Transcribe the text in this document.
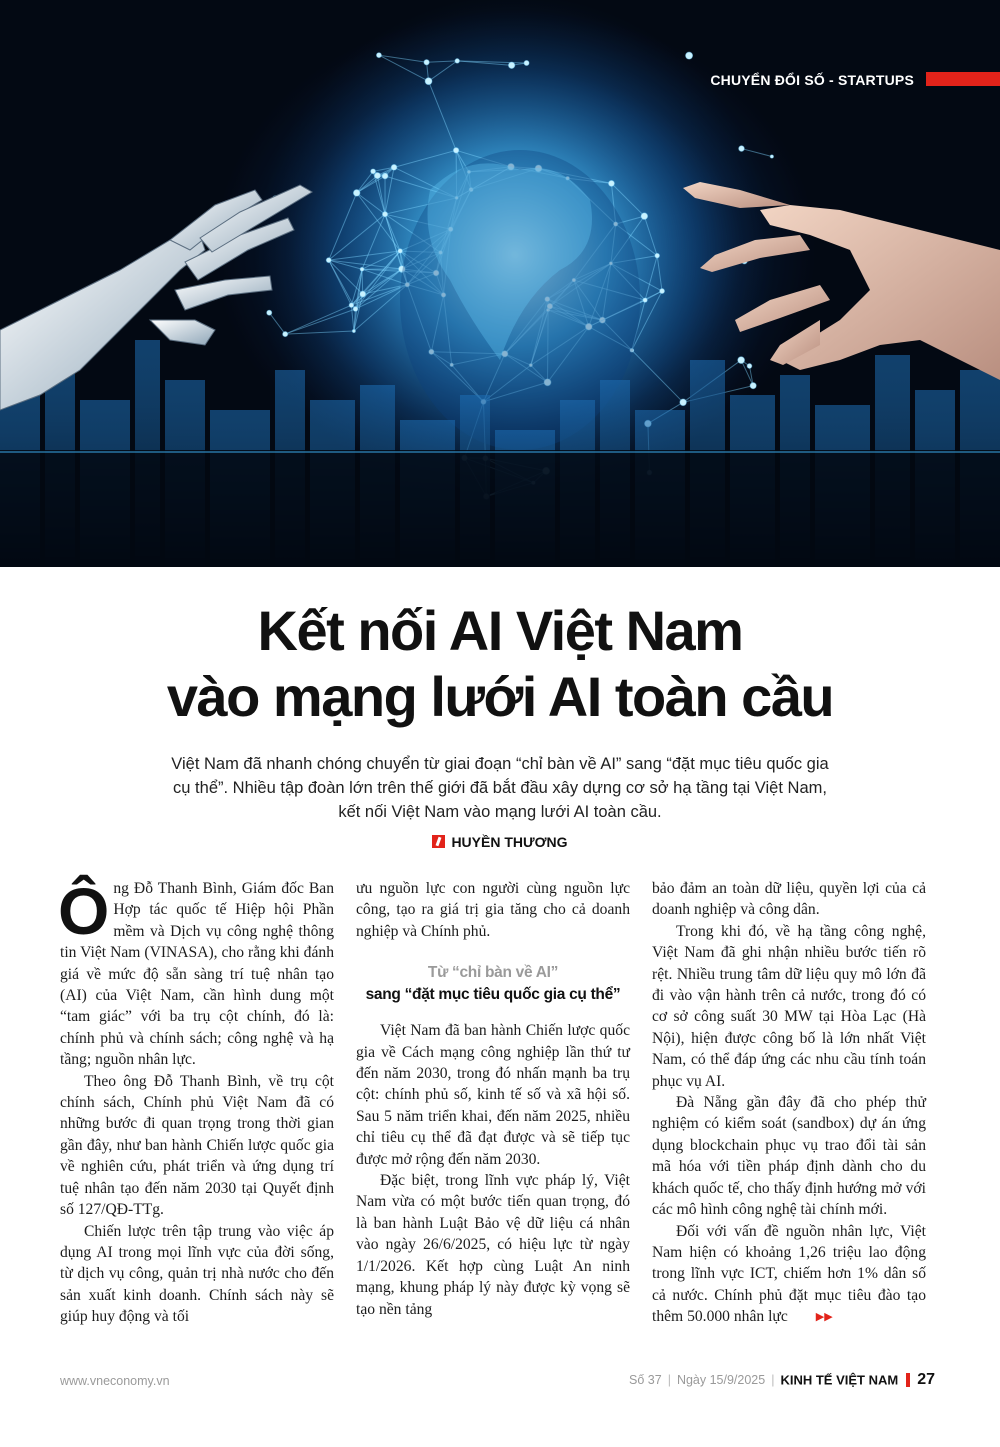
CHUYỂN ĐỔI SỐ - STARTUPS
Kết nối AI Việt Nam
vào mạng lưới AI toàn cầu
Việt Nam đã nhanh chóng chuyển từ giai đoạn “chỉ bàn về AI” sang “đặt mục tiêu quốc gia cụ thể”. Nhiều tập đoàn lớn trên thế giới đã bắt đầu xây dựng cơ sở hạ tầng tại Việt Nam, kết nối Việt Nam vào mạng lưới AI toàn cầu.
HUYỀN THƯƠNG

Ông Đỗ Thanh Bình, Giám đốc Ban Hợp tác quốc tế Hiệp hội Phần mềm và Dịch vụ công nghệ thông tin Việt Nam (VINASA), cho rằng khi đánh giá về mức độ sẵn sàng trí tuệ nhân tạo (AI) của Việt Nam, cần hình dung một “tam giác” với ba trụ cột chính, đó là: chính phủ và chính sách; công nghệ và hạ tầng; nguồn nhân lực.

Theo ông Đỗ Thanh Bình, về trụ cột chính sách, Chính phủ Việt Nam đã có những bước đi quan trọng trong thời gian gần đây, như ban hành Chiến lược quốc gia về nghiên cứu, phát triển và ứng dụng trí tuệ nhân tạo đến năm 2030 tại Quyết định số 127/QĐ-TTg.

Chiến lược trên tập trung vào việc áp dụng AI trong mọi lĩnh vực của đời sống, từ dịch vụ công, quản trị nhà nước cho đến sản xuất kinh doanh. Chính sách này sẽ giúp huy động và tối

ưu nguồn lực con người cùng nguồn lực công, tạo ra giá trị gia tăng cho cả doanh nghiệp và Chính phủ.

Từ “chỉ bàn về AI”
sang “đặt mục tiêu quốc gia cụ thể”

Việt Nam đã ban hành Chiến lược quốc gia về Cách mạng công nghiệp lần thứ tư đến năm 2030, trong đó nhấn mạnh ba trụ cột: chính phủ số, kinh tế số và xã hội số. Sau 5 năm triển khai, đến năm 2025, nhiều chỉ tiêu cụ thể đã đạt được và sẽ tiếp tục được mở rộng đến năm 2030.

Đặc biệt, trong lĩnh vực pháp lý, Việt Nam vừa có một bước tiến quan trọng, đó là ban hành Luật Bảo vệ dữ liệu cá nhân vào ngày 26/6/2025, có hiệu lực từ ngày 1/1/2026. Kết hợp cùng Luật An ninh mạng, khung pháp lý này được kỳ vọng sẽ tạo nền tảng

bảo đảm an toàn dữ liệu, quyền lợi của cả doanh nghiệp và công dân.

Trong khi đó, về hạ tầng công nghệ, Việt Nam đã ghi nhận nhiều bước tiến rõ rệt. Nhiều trung tâm dữ liệu quy mô lớn đã đi vào vận hành trên cả nước, trong đó có cơ sở công suất 30 MW tại Hòa Lạc (Hà Nội), hiện được công bố là lớn nhất Việt Nam, có thể đáp ứng các nhu cầu tính toán phục vụ AI.

Đà Nẵng gần đây đã cho phép thử nghiệm có kiểm soát (sandbox) dự án ứng dụng blockchain phục vụ trao đổi tài sản mã hóa với tiền pháp định dành cho du khách quốc tế, cho thấy định hướng mở với các mô hình công nghệ tài chính mới.

Đối với vấn đề nguồn nhân lực, Việt Nam hiện có khoảng 1,26 triệu lao động trong lĩnh vực ICT, chiếm hơn 1% dân số cả nước. Chính phủ đặt mục tiêu đào tạo thêm 50.000 nhân lực	▶▶

www.vneconomy.vn	Số 37 | Ngày 15/9/2025 | KINH TẾ VIỆT NAM 27
